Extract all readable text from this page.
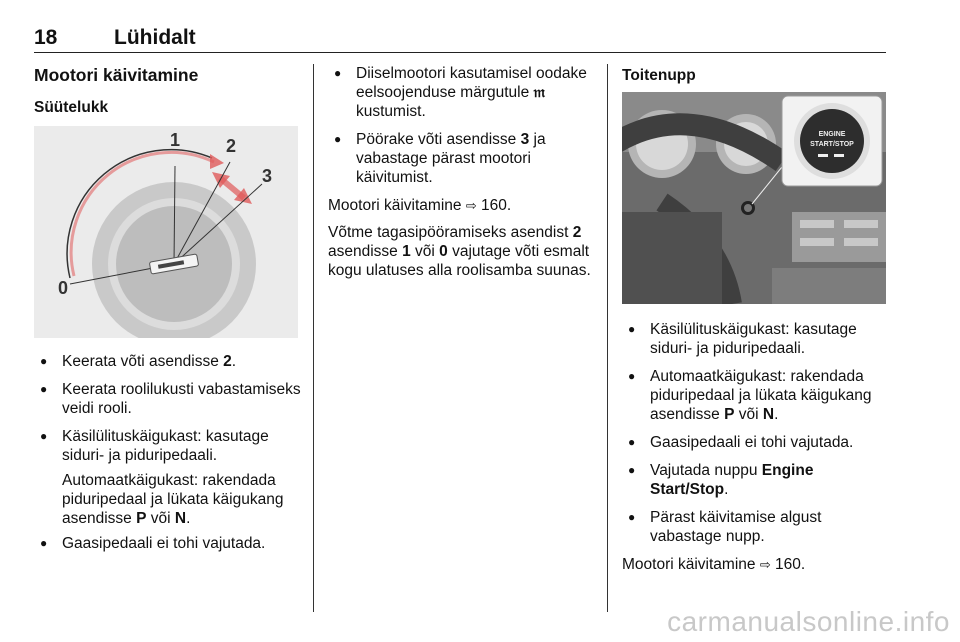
18	Lühidalt
Mootori käivitamine
Süütelukk
0
1	2
3
● Keerata võti asendisse 2.
● Keerata roolilukusti vabastamiseks veidi rooli.
● Käsilülituskäigukast: kasutage siduri- ja piduripedaali.

Automaatkäigukast: rakendada piduripedaal ja lükata käigukang asendisse P või N.

● Gaasipedaali ei tohi vajutada.
● Diiselmootori kasutamisel oodake eelsoojenduse märgutule 𝔪 kustumist.
● Pöörake võti asendisse 3 ja vabastage pärast mootori käivitumist.

Mootori käivitamine ⇨ 160.

Võtme tagasipööramiseks asendist 2 asendisse 1 või 0 vajutage võti esmalt kogu ulatuses alla roolisamba suunas.

Toitenupp
ENGINE
START/STOP
● Käsilülituskäigukast: kasutage siduri- ja piduripedaali.
● Automaatkäigukast: rakendada piduripedaal ja lükata käigukang asendisse P või N.
● Gaasipedaali ei tohi vajutada.
● Vajutada nuppu Engine Start/Stop.
● Pärast käivitamise algust vabastage nupp.

Mootori käivitamine ⇨ 160.

carmanualsonline.info
